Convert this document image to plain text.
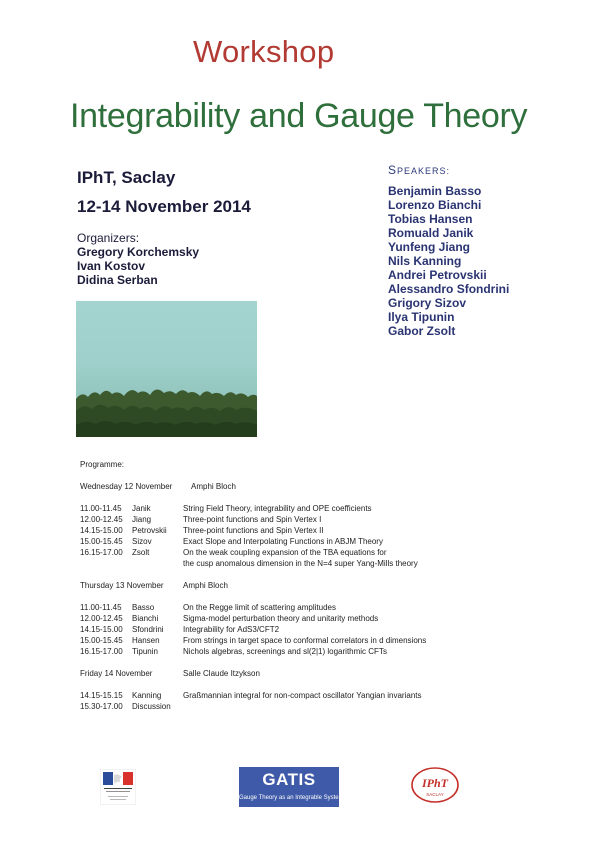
Workshop
Integrability and Gauge Theory
IPhT, Saclay
12-14 November 2014
Organizers:
Gregory Korchemsky
Ivan Kostov
Didina Serban
SPEAKERS:
Benjamin Basso
Lorenzo Bianchi
Tobias Hansen
Romuald Janik
Yunfeng Jiang
Nils Kanning
Andrei Petrovskii
Alessandro Sfondrini
Grigory Sizov
Ilya Tipunin
Gabor Zsolt
Programme:
Wednesday 12 November Amphi Bloch
11.00-11.45 Janik	String Field Theory, integrability and OPE coefficients
12.00-12.45 Jiang	Three-point functions and Spin Vertex I
14.15-15.00 Petrovskii Three-point functions and Spin Vertex II
15.00-15.45 Sizov	Exact Slope and Interpolating Functions in ABJM Theory
16.15-17.00 Zsolt	On the weak coupling expansion of the TBA equations for
the cusp anomalous dimension in the N=4 super Yang-Mills theory
Thursday 13 November Amphi Bloch
11.00-11.45 Basso	On the Regge limit of scattering amplitudes
12.00-12.45 Bianchi	Sigma-model perturbation theory and unitarity methods
14.15-15.00 Sfondrini Integrability for AdS3/CFT2
15.00-15.45 Hansen	From strings in target space to conformal correlators in d dimensions
16.15-17.00 Tipunin	Nichols algebras, screenings and sl(2|1) logarithmic CFTs
Friday 14 November	Salle Claude Itzykson
14.15-15.15 Kanning	Graßmannian integral for non-compact oscillator Yangian invariants
15.30-17.00 Discussion
GATIS
Gauge Theory as an Integrable System
IPhT
SACLAY
